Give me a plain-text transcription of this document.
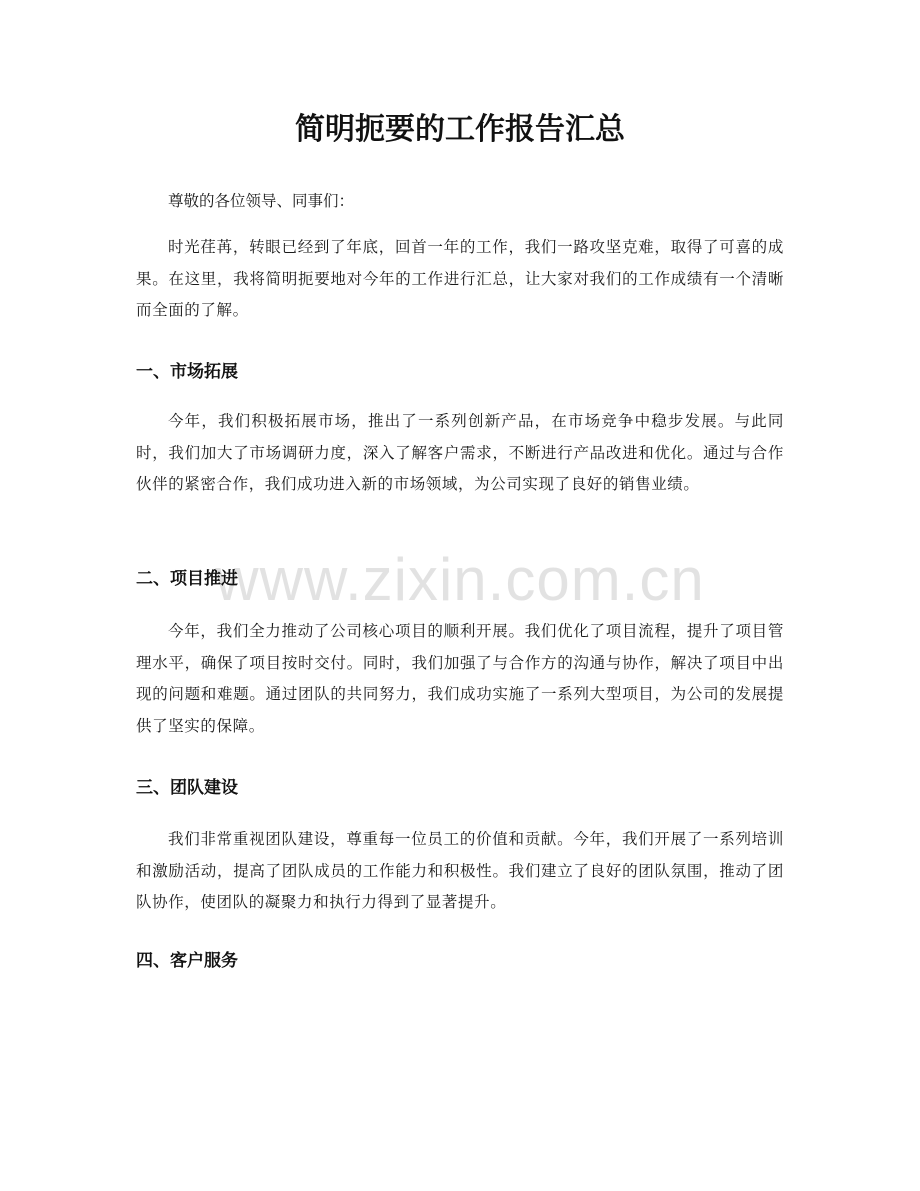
www.zixin.com.cn
简明扼要的工作报告汇总

尊敬的各位领导、同事们：

时光荏苒，转眼已经到了年底，回首一年的工作，我们一路攻坚克难，取得了可喜的成果。在这里，我将简明扼要地对今年的工作进行汇总，让大家对我们的工作成绩有一个清晰而全面的了解。

一、市场拓展

今年，我们积极拓展市场，推出了一系列创新产品，在市场竞争中稳步发展。与此同时，我们加大了市场调研力度，深入了解客户需求，不断进行产品改进和优化。通过与合作伙伴的紧密合作，我们成功进入新的市场领域，为公司实现了良好的销售业绩。

二、项目推进

今年，我们全力推动了公司核心项目的顺利开展。我们优化了项目流程，提升了项目管理水平，确保了项目按时交付。同时，我们加强了与合作方的沟通与协作，解决了项目中出现的问题和难题。通过团队的共同努力，我们成功实施了一系列大型项目，为公司的发展提供了坚实的保障。

三、团队建设

我们非常重视团队建设，尊重每一位员工的价值和贡献。今年，我们开展了一系列培训和激励活动，提高了团队成员的工作能力和积极性。我们建立了良好的团队氛围，推动了团队协作，使团队的凝聚力和执行力得到了显著提升。

四、客户服务
